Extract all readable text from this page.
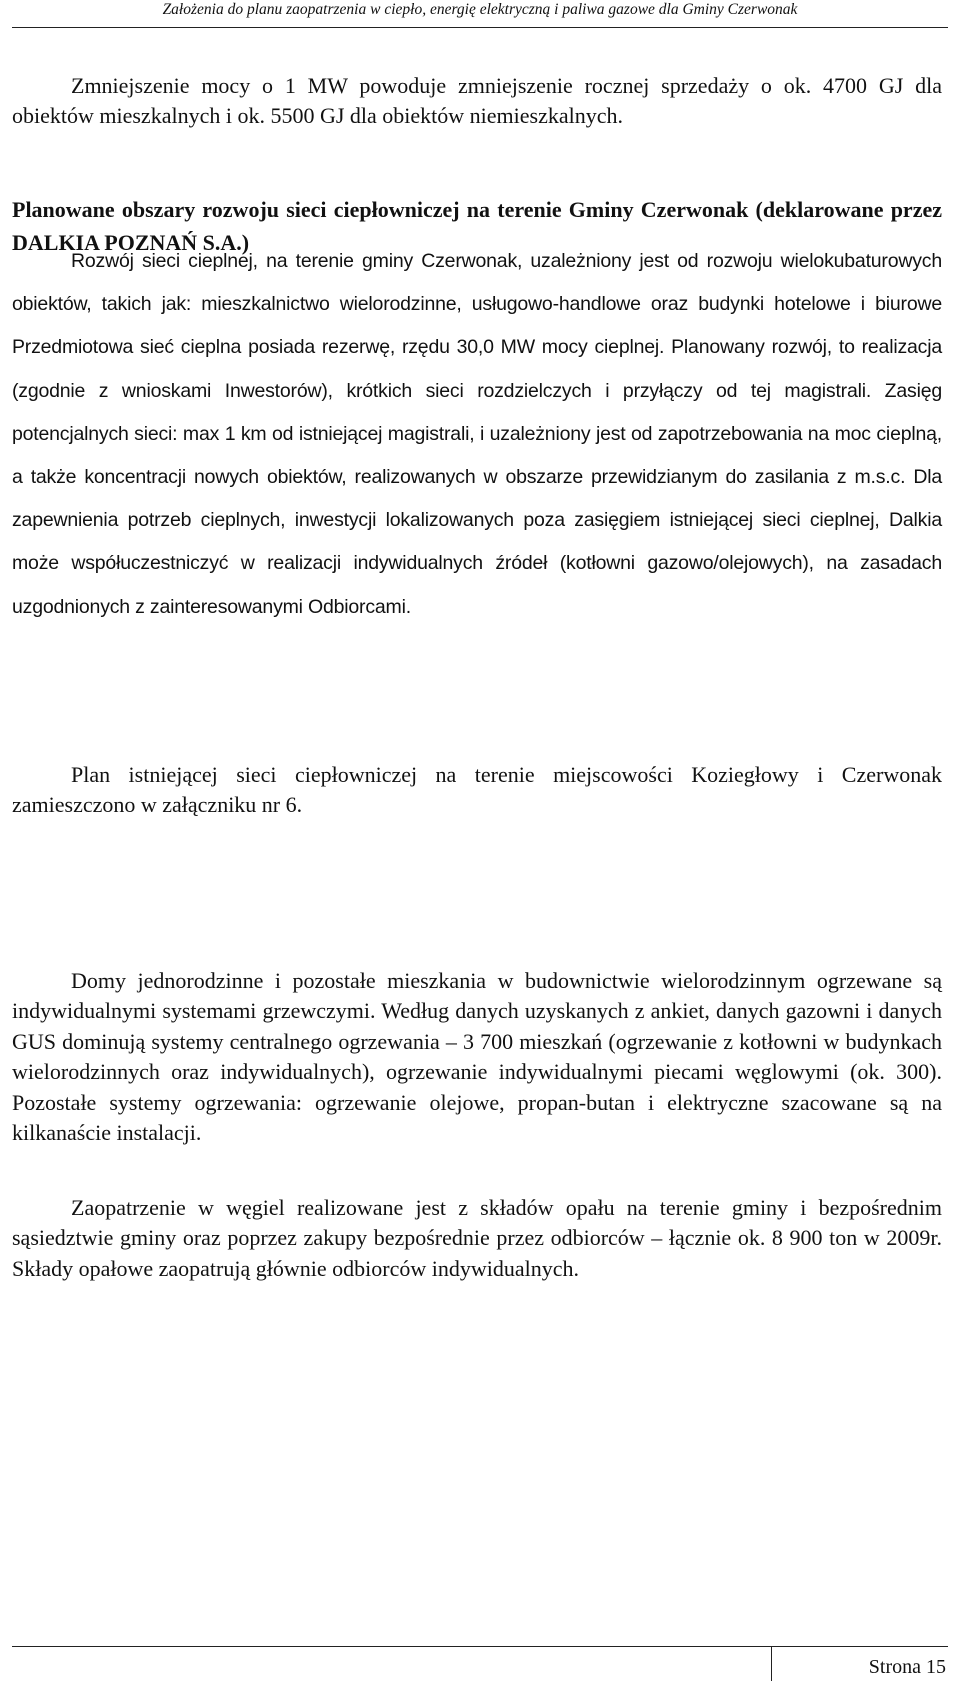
Założenia do planu zaopatrzenia w ciepło, energię elektryczną i paliwa gazowe dla Gminy Czerwonak

Zmniejszenie mocy o 1 MW powoduje zmniejszenie rocznej sprzedaży o ok. 4700 GJ dla obiektów mieszkalnych i ok. 5500 GJ dla obiektów niemieszkalnych.

Planowane obszary rozwoju sieci ciepłowniczej na terenie Gminy Czerwonak (deklarowane przez DALKIA POZNAŃ S.A.)

Rozwój sieci cieplnej, na terenie gminy Czerwonak, uzależniony jest od rozwoju wielokubaturowych obiektów, takich jak: mieszkalnictwo wielorodzinne, usługowo-handlowe oraz budynki hotelowe i biurowe Przedmiotowa sieć cieplna posiada rezerwę, rzędu 30,0 MW mocy cieplnej. Planowany rozwój, to realizacja (zgodnie z wnioskami Inwestorów), krótkich sieci rozdzielczych i przyłączy od tej magistrali. Zasięg potencjalnych sieci: max 1 km od istniejącej magistrali, i uzależniony jest od zapotrzebowania na moc cieplną, a także koncentracji nowych obiektów, realizowanych w obszarze przewidzianym do zasilania z m.s.c. Dla zapewnienia potrzeb cieplnych, inwestycji lokalizowanych poza zasięgiem istniejącej sieci cieplnej, Dalkia może współuczestniczyć w realizacji indywidualnych źródeł (kotłowni gazowo/olejowych), na zasadach uzgodnionych z zainteresowanymi Odbiorcami.

Plan istniejącej sieci ciepłowniczej na terenie miejscowości Koziegłowy i Czerwonak zamieszczono w załączniku nr 6.

Domy jednorodzinne i pozostałe mieszkania w budownictwie wielorodzinnym ogrzewane są indywidualnymi systemami grzewczymi. Według danych uzyskanych z ankiet, danych gazowni i danych GUS dominują systemy centralnego ogrzewania – 3 700 mieszkań (ogrzewanie z kotłowni w budynkach wielorodzinnych oraz indywidualnych), ogrzewanie indywidualnymi piecami węglowymi (ok. 300). Pozostałe systemy ogrzewania: ogrzewanie olejowe, propan-butan i elektryczne szacowane są na kilkanaście instalacji.

Zaopatrzenie w węgiel realizowane jest z składów opału na terenie gminy i bezpośrednim sąsiedztwie gminy oraz poprzez zakupy bezpośrednie przez odbiorców – łącznie ok. 8 900 ton w 2009r. Składy opałowe zaopatrują głównie odbiorców indywidualnych.

Strona 15
